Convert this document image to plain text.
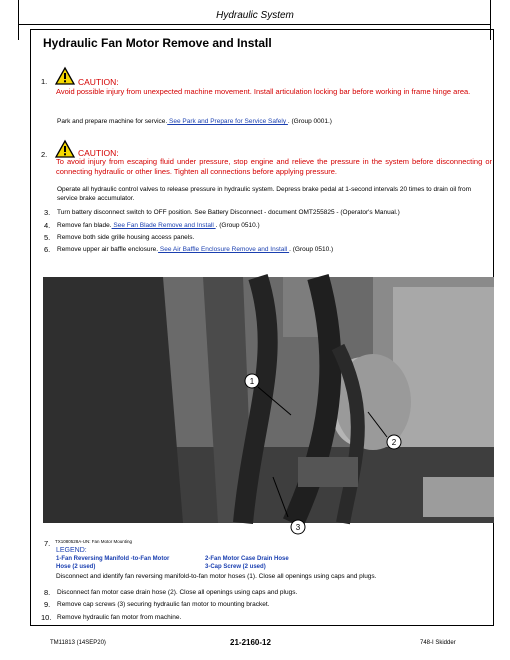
Hydraulic System
Hydraulic Fan Motor Remove and Install
1.	CAUTION:
Avoid possible injury from unexpected machine movement. Install articulation locking bar before working in frame hinge area.
Park and prepare machine for service. See Park and Prepare for Service Safely . (Group 0001.)
2.	CAUTION:
To avoid injury from escaping fluid under pressure, stop engine and relieve the pressure in the system before disconnecting or connecting hydraulic or other lines. Tighten all connections before applying pressure.
Operate all hydraulic control valves to release pressure in hydraulic system. Depress brake pedal at 1-second intervals 20 times to drain oil from service brake accumulator.
3. Turn battery disconnect switch to OFF position. See Battery Disconnect - document OMT255825 - (Operator's Manual.)
4. Remove fan blade. See Fan Blade Remove and Install . (Group 0510.)
5. Remove both side grille housing access panels.
6. Remove upper air baffle enclosure. See Air Baffle Enclosure Remove and Install . (Group 0510.)
1
2
3
7. TX1080528A-UN: Fan Motor Mounting
LEGEND:
1-Fan Reversing Manifold -to-Fan Motor	2-Fan Motor Case Drain Hose
Hose (2 used)	3-Cap Screw (2 used)
Disconnect and identify fan reversing manifold-to-fan motor hoses (1). Close all openings using caps and plugs.
8. Disconnect fan motor case drain hose (2). Close all openings using caps and plugs.
9. Remove cap screws (3) securing hydraulic fan motor to mounting bracket.
10. Remove hydraulic fan motor from machine.
TM11813 (14SEP20)	21-2160-12	748-I Skidder
